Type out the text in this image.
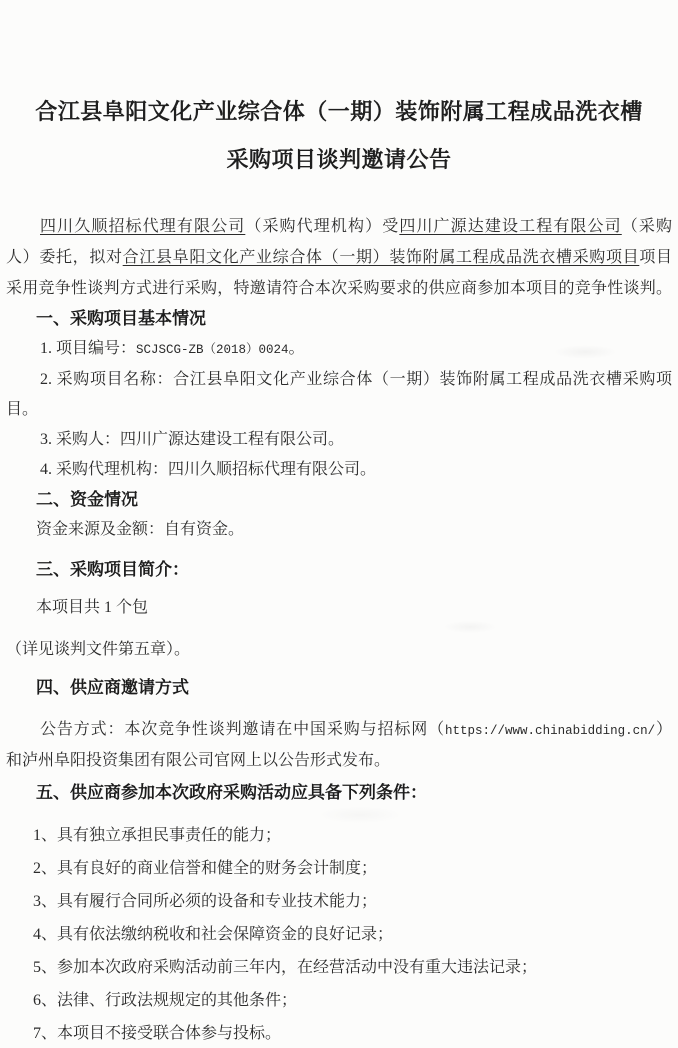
合江县阜阳文化产业综合体（一期）装饰附属工程成品洗衣槽
采购项目谈判邀请公告
四川久顺招标代理有限公司（采购代理机构）受四川广源达建设工程有限公司（采购
人）委托，拟对合江县阜阳文化产业综合体（一期）装饰附属工程成品洗衣槽采购项目项目
采用竞争性谈判方式进行采购，特邀请符合本次采购要求的供应商参加本项目的竞争性谈判。
一、采购项目基本情况

1. 项目编号：SCJSCG-ZB（2018）0024。

2. 采购项目名称：合江县阜阳文化产业综合体（一期）装饰附属工程成品洗衣槽采购项目。

3. 采购人：四川广源达建设工程有限公司。

4. 采购代理机构：四川久顺招标代理有限公司。

二、资金情况

资金来源及金额：自有资金。

三、采购项目简介：

本项目共 1 个包

（详见谈判文件第五章）。

四、供应商邀请方式
公告方式：本次竞争性谈判邀请在中国采购与招标网（https://www.chinabidding.cn/）
和泸州阜阳投资集团有限公司官网上以公告形式发布。
五、供应商参加本次政府采购活动应具备下列条件：
1、具有独立承担民事责任的能力；
2、具有良好的商业信誉和健全的财务会计制度；
3、具有履行合同所必须的设备和专业技术能力；
4、具有依法缴纳税收和社会保障资金的良好记录；
5、参加本次政府采购活动前三年内，在经营活动中没有重大违法记录；
6、法律、行政法规规定的其他条件；
7、本项目不接受联合体参与投标。
